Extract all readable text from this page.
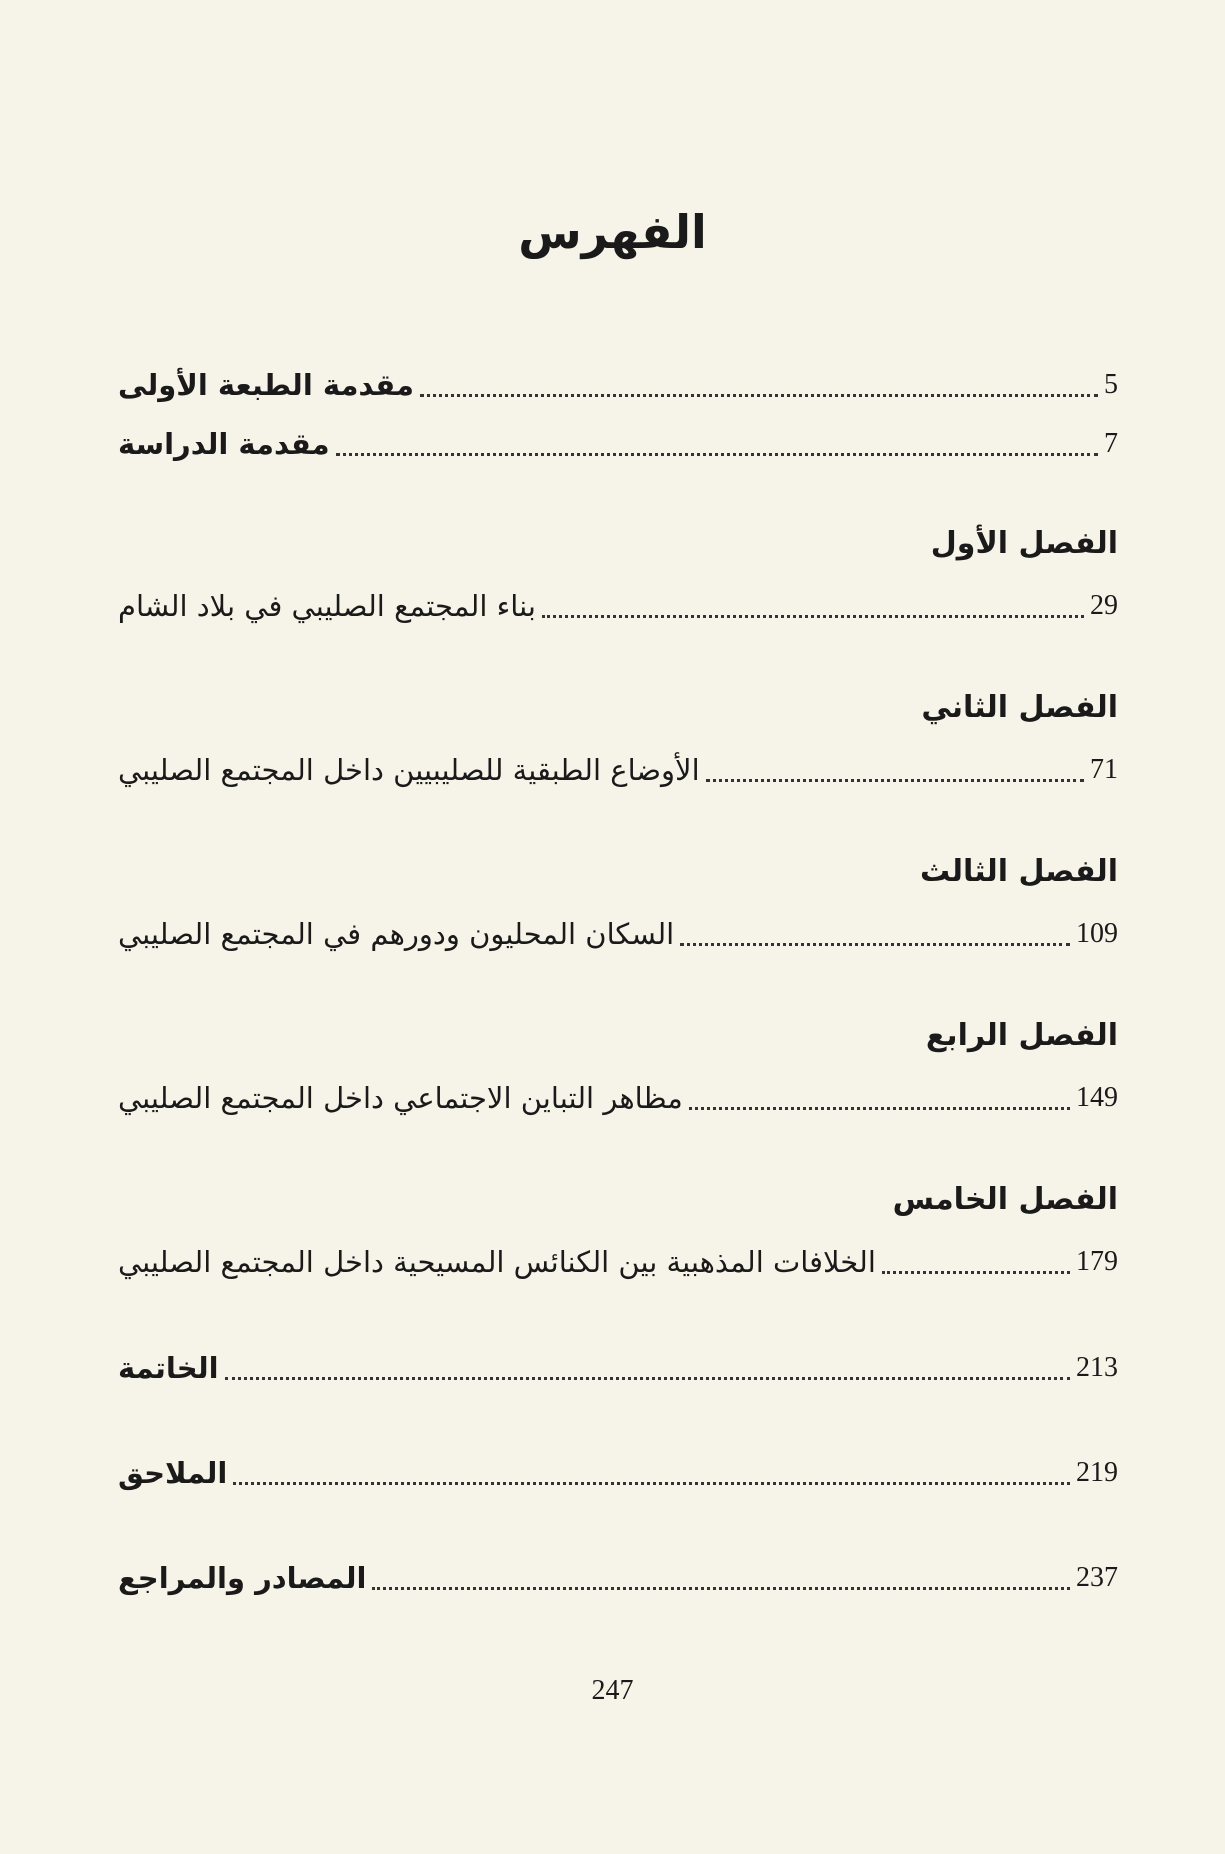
الفهرس
مقدمة الطبعة الأولى	5
مقدمة الدراسة	7
الفصل الأول
بناء المجتمع الصليبي في بلاد الشام	29
الفصل الثاني
الأوضاع الطبقية للصليبيين داخل المجتمع الصليبي	71
الفصل الثالث
السكان المحليون ودورهم في المجتمع الصليبي	109
الفصل الرابع
مظاهر التباين الاجتماعي داخل المجتمع الصليبي	149
الفصل الخامس
الخلافات المذهبية بين الكنائس المسيحية داخل المجتمع الصليبي	179
الخاتمة	213
الملاحق	219
المصادر والمراجع	237
247
